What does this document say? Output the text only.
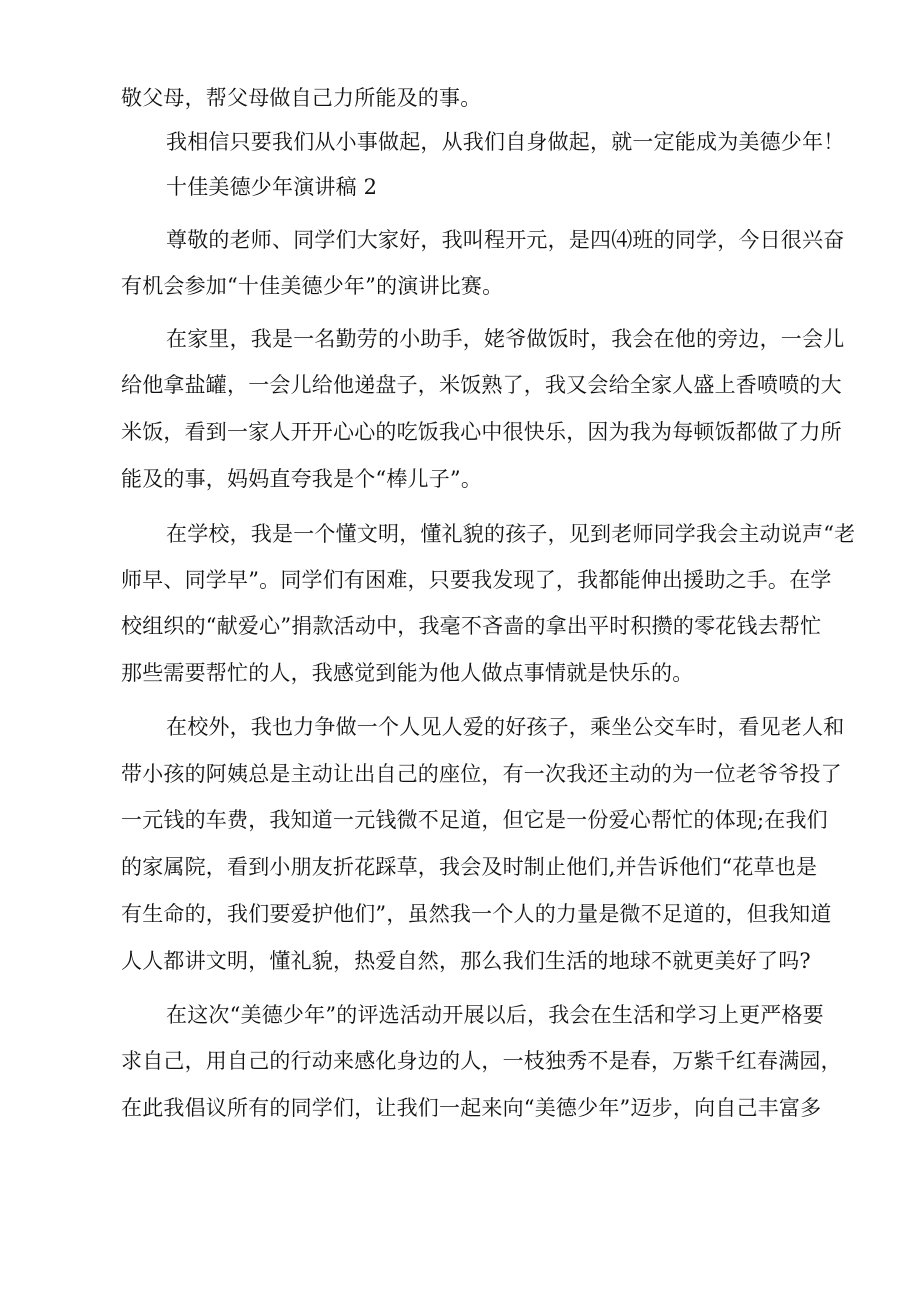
敬父母，帮父母做自己力所能及的事。
我相信只要我们从小事做起，从我们自身做起，就一定能成为美德少年！
十佳美德少年演讲稿 2
尊敬的老师、同学们大家好，我叫程开元，是四⑷班的同学，今日很兴奋
有机会参加“十佳美德少年”的演讲比赛。
在家里，我是一名勤劳的小助手，姥爷做饭时，我会在他的旁边，一会儿
给他拿盐罐，一会儿给他递盘子，米饭熟了，我又会给全家人盛上香喷喷的大
米饭，看到一家人开开心心的吃饭我心中很快乐，因为我为每顿饭都做了力所
能及的事，妈妈直夸我是个“棒儿子”。
在学校，我是一个懂文明，懂礼貌的孩子，见到老师同学我会主动说声“老
师早、同学早”。同学们有困难，只要我发现了，我都能伸出援助之手。在学
校组织的“献爱心”捐款活动中，我毫不吝啬的拿出平时积攒的零花钱去帮忙
那些需要帮忙的人，我感觉到能为他人做点事情就是快乐的。
在校外，我也力争做一个人见人爱的好孩子，乘坐公交车时，看见老人和
带小孩的阿姨总是主动让出自己的座位，有一次我还主动的为一位老爷爷投了
一元钱的车费，我知道一元钱微不足道，但它是一份爱心帮忙的体现;在我们
的家属院，看到小朋友折花踩草，我会及时制止他们,并告诉他们“花草也是
有生命的，我们要爱护他们”，虽然我一个人的力量是微不足道的，但我知道
人人都讲文明，懂礼貌，热爱自然，那么我们生活的地球不就更美好了吗?
在这次“美德少年”的评选活动开展以后，我会在生活和学习上更严格要
求自己，用自己的行动来感化身边的人，一枝独秀不是春，万紫千红春满园，
在此我倡议所有的同学们，让我们一起来向“美德少年”迈步，向自己丰富多
